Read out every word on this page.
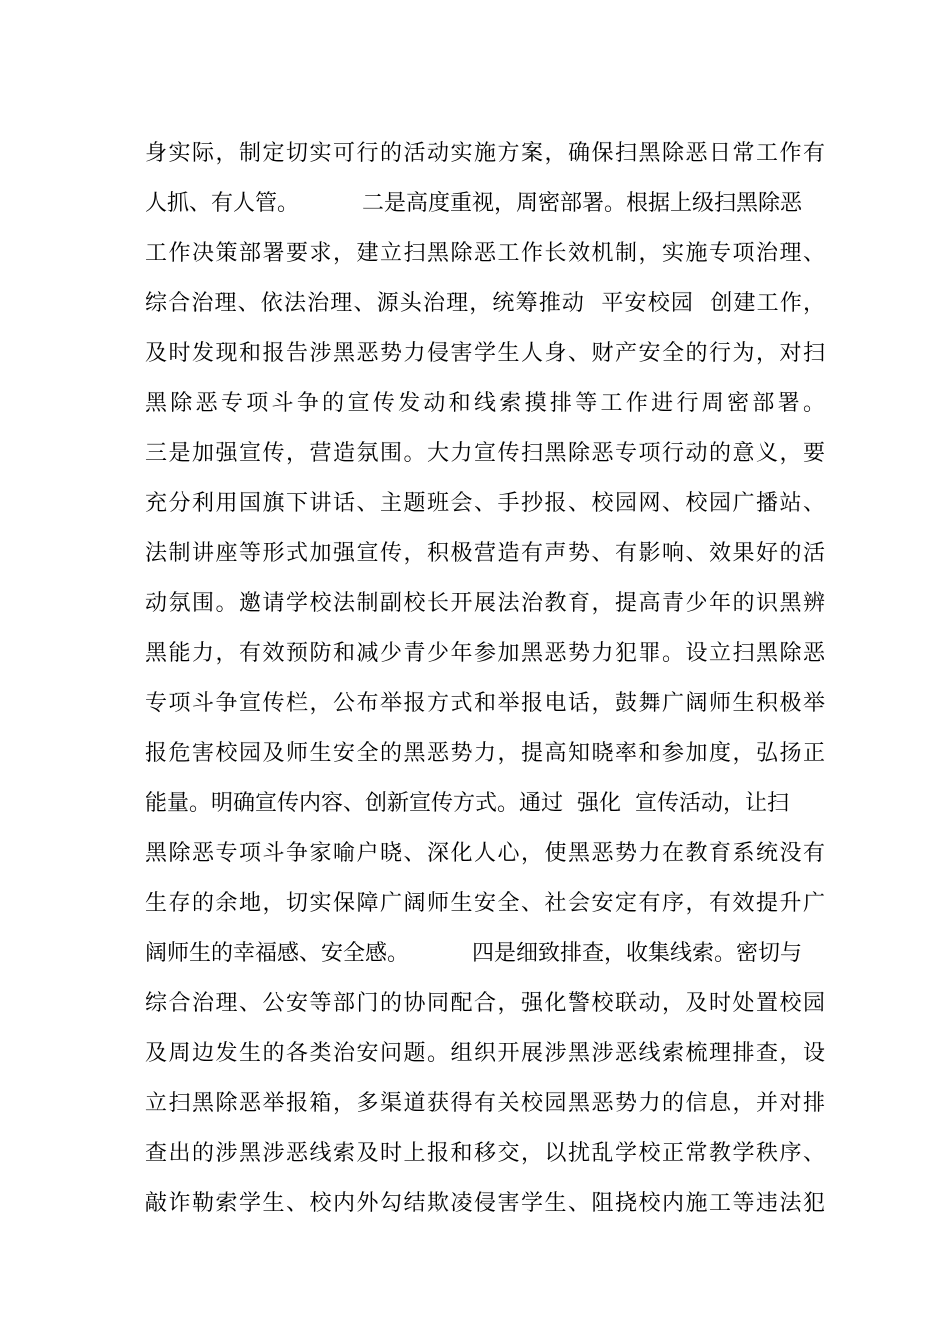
身实际，制定切实可行的活动实施方案，确保扫黑除恶日常工作有
人抓、有人管。         二是高度重视，周密部署。根据上级扫黑除恶
工作决策部署要求，建立扫黑除恶工作长效机制，实施专项治理、
综合治理、依法治理、源头治理，统筹推动  平安校园  创建工作，
及时发现和报告涉黑恶势力侵害学生人身、财产安全的行为，对扫
黑除恶专项斗争的宣传发动和线索摸排等工作进行周密部署。
三是加强宣传，营造氛围。大力宣传扫黑除恶专项行动的意义，要
充分利用国旗下讲话、主题班会、手抄报、校园网、校园广播站、
法制讲座等形式加强宣传，积极营造有声势、有影响、效果好的活
动氛围。邀请学校法制副校长开展法治教育，提高青少年的识黑辨
黑能力，有效预防和减少青少年参加黑恶势力犯罪。设立扫黑除恶
专项斗争宣传栏，公布举报方式和举报电话，鼓舞广阔师生积极举
报危害校园及师生安全的黑恶势力，提高知晓率和参加度，弘扬正
能量。明确宣传内容、创新宣传方式。通过  强化  宣传活动，让扫
黑除恶专项斗争家喻户晓、深化人心，使黑恶势力在教育系统没有
生存的余地，切实保障广阔师生安全、社会安定有序，有效提升广
阔师生的幸福感、安全感。         四是细致排查，收集线索。密切与
综合治理、公安等部门的协同配合，强化警校联动，及时处置校园
及周边发生的各类治安问题。组织开展涉黑涉恶线索梳理排查，设
立扫黑除恶举报箱，多渠道获得有关校园黑恶势力的信息，并对排
查出的涉黑涉恶线索及时上报和移交，以扰乱学校正常教学秩序、
敲诈勒索学生、校内外勾结欺凌侵害学生、阻挠校内施工等违法犯
